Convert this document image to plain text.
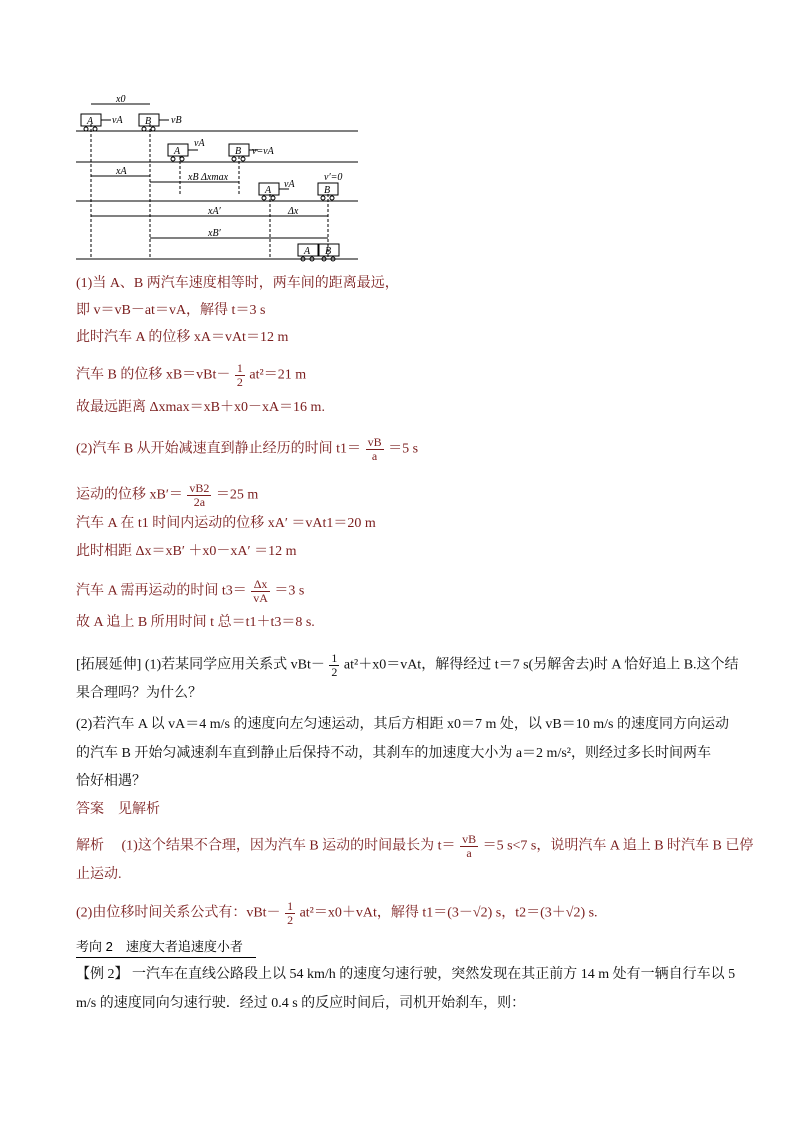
A	B
x0
vA	vB
A	B
vA
v=vA
xA
xB Δxmax
A	B
vA
v′=0
xA′	Δx
xB′
A B
(1)当 A、B 两汽车速度相等时，两车间的距离最远，
即 v＝vB－at＝vA，解得 t＝3 s
此时汽车 A 的位移 xA＝vAt＝12 m
汽车 B 的位移 $xB=vBt- \frac{1}{2} at^2=21$ m
故最远距离 Δxmax＝xB＋x0－xA＝16 m.
(2)汽车 B 从开始减速直到静止经历的时间 $t1= \frac{vB}{a} =5$ s
运动的位移 $xB'= \frac{vB2}{2a} =25$ m
汽车 A 在 t1 时间内运动的位移 xA′ ＝vAt1＝20 m
此时相距 Δx＝xB′ ＋x0－xA′ ＝12 m
汽车 A 需再运动的时间 $t3= \frac{\Delta x}{vA} =3$ s
故 A 追上 B 所用时间 t 总＝t1＋t3＝8 s.
[拓展延伸] (1)若某同学应用关系式 $vBt- \frac{1}{2} at^2+x0=vAt$，解得经过 t＝7 s(另解舍去)时 A 恰好追上 B.这个结
果合理吗？为什么？
(2)若汽车 A 以 vA＝4 m/s 的速度向左匀速运动，其后方相距 x0＝7 m 处，以 vB＝10 m/s 的速度同方向运动
的汽车 B 开始匀减速刹车直到静止后保持不动，其刹车的加速度大小为 a＝2 m/s²，则经过多长时间两车
恰好相遇？
答案　见解析
解析 　(1)这个结果不合理，因为汽车 B 运动的时间最长为 $t= \frac{vB}{a} =5$ s<7 s，说明汽车 A 追上 B 时汽车 B 已停
止运动.
(2)由位移时间关系公式有：$vBt- \frac{1}{2} at^2=x0+vAt$，解得 t1＝(3－√2) s，t2＝(3＋√2) s.
考向 2　速度大者追速度小者
【例 2】 一汽车在直线公路段上以 54 km/h 的速度匀速行驶，突然发现在其正前方 14 m 处有一辆自行车以 5
m/s 的速度同向匀速行驶．经过 0.4 s 的反应时间后，司机开始刹车，则：
